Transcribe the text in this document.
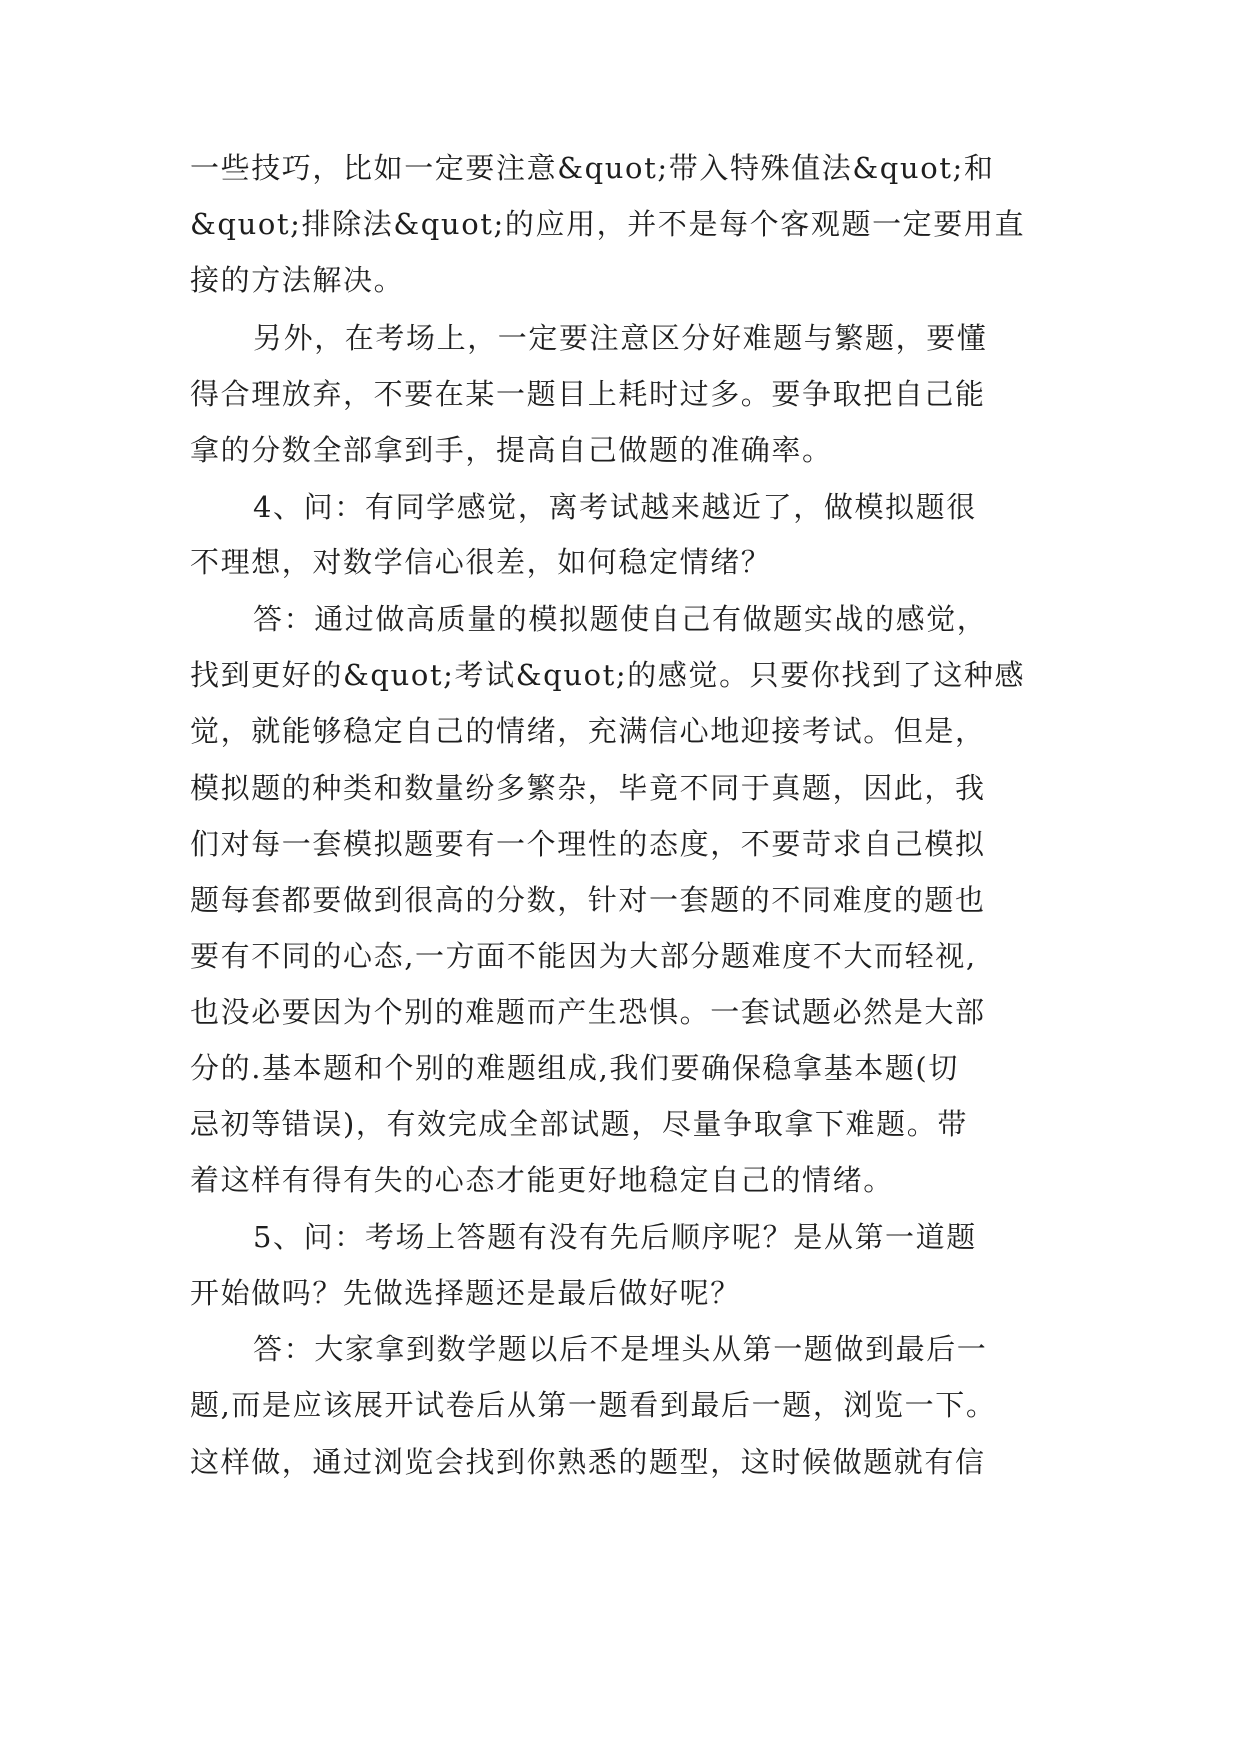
一些技巧，比如一定要注意&quot;带入特殊值法&quot;和
&quot;排除法&quot;的应用，并不是每个客观题一定要用直
接的方法解决。
另外，在考场上，一定要注意区分好难题与繁题，要懂
得合理放弃，不要在某一题目上耗时过多。要争取把自己能
拿的分数全部拿到手，提高自己做题的准确率。
4、问：有同学感觉，离考试越来越近了，做模拟题很
不理想，对数学信心很差，如何稳定情绪？
答：通过做高质量的模拟题使自己有做题实战的感觉，
找到更好的&quot;考试&quot;的感觉。只要你找到了这种感
觉，就能够稳定自己的情绪，充满信心地迎接考试。但是，
模拟题的种类和数量纷多繁杂，毕竟不同于真题，因此，我
们对每一套模拟题要有一个理性的态度，不要苛求自己模拟
题每套都要做到很高的分数，针对一套题的不同难度的题也
要有不同的心态,一方面不能因为大部分题难度不大而轻视,
也没必要因为个别的难题而产生恐惧。一套试题必然是大部
分的.基本题和个别的难题组成,我们要确保稳拿基本题(切
忌初等错误)，有效完成全部试题，尽量争取拿下难题。带
着这样有得有失的心态才能更好地稳定自己的情绪。
5、问：考场上答题有没有先后顺序呢？是从第一道题
开始做吗？先做选择题还是最后做好呢？
答：大家拿到数学题以后不是埋头从第一题做到最后一
题,而是应该展开试卷后从第一题看到最后一题，浏览一下。
这样做，通过浏览会找到你熟悉的题型，这时候做题就有信
